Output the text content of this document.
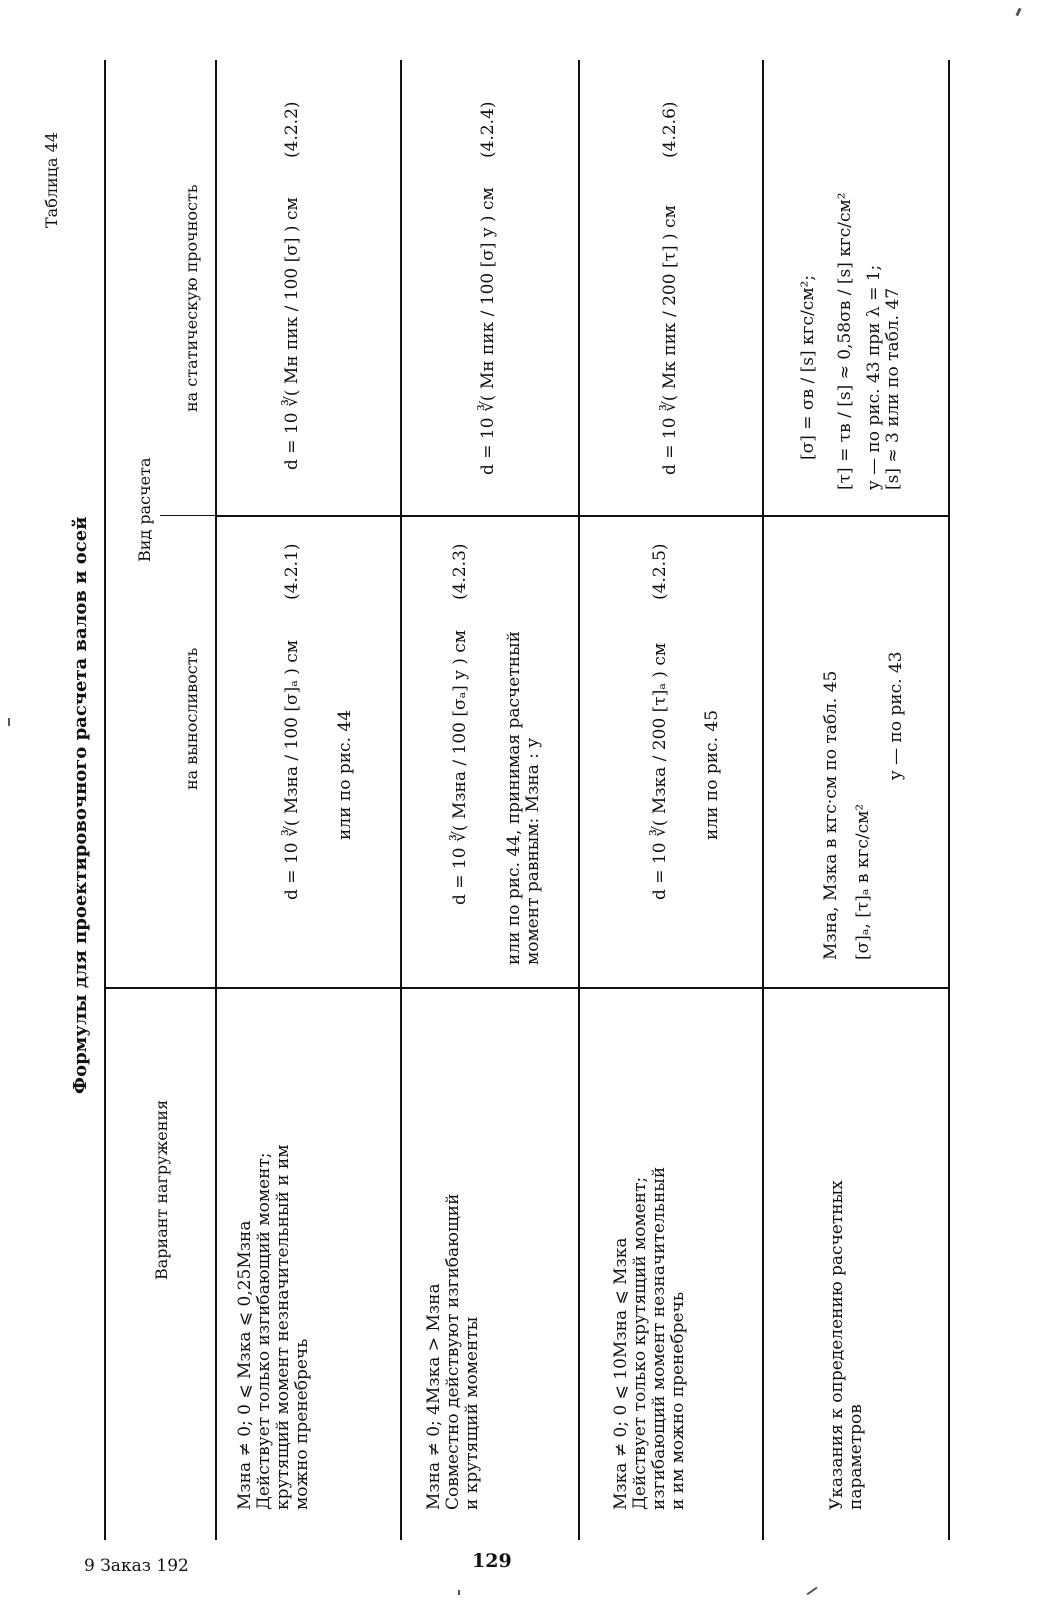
Таблица 44
Формулы для проектировочного расчета валов и осей
Вариант нагружения
Вид расчета
на выносливость
на статическую прочность
Mзна ≠ 0; 0 ⩽ Mзка ⩽ 0,25Mзна Действует только изгибающий момент; крутящий момент незначительный и им можно пренебречь
d = 10 ∛( Mзна / 100 [σ]ₐ ) см
(4.2.1)
или по рис. 44
d = 10 ∛( Mн пик / 100 [σ] ) см
(4.2.2)
Mзна ≠ 0; 4Mзка > Mзна Совместно действуют изгибающий и крутящий моменты
d = 10 ∛( Mзна / 100 [σₐ] y ) см
(4.2.3)
или по рис. 44, принимая расчетный момент равным: Mзна : y
d = 10 ∛( Mн пик / 100 [σ] y ) см
(4.2.4)
Mзка ≠ 0; 0 ⩽ 10Mзна ⩽ Mзка Действует только крутящий момент; изгибающий момент незначительный и им можно пренебречь
d = 10 ∛( Mзка / 200 [τ]ₐ ) см
(4.2.5)
или по рис. 45
d = 10 ∛( Mк пик / 200 [τ] ) см
(4.2.6)
Указания к определению расчетных параметров
Mзна, Mзка в кгс·см по табл. 45 [σ]ₐ, [τ]ₐ в кгс/см²
y — по рис. 43
[σ] = σв / [s] кгс/см²;	[τ] = τв / [s] ≈ 0,58σв / [s] кгс/см² y — по рис. 43 при λ = 1; [s] ≈ 3 или по табл. 47
9 Заказ 192	129
